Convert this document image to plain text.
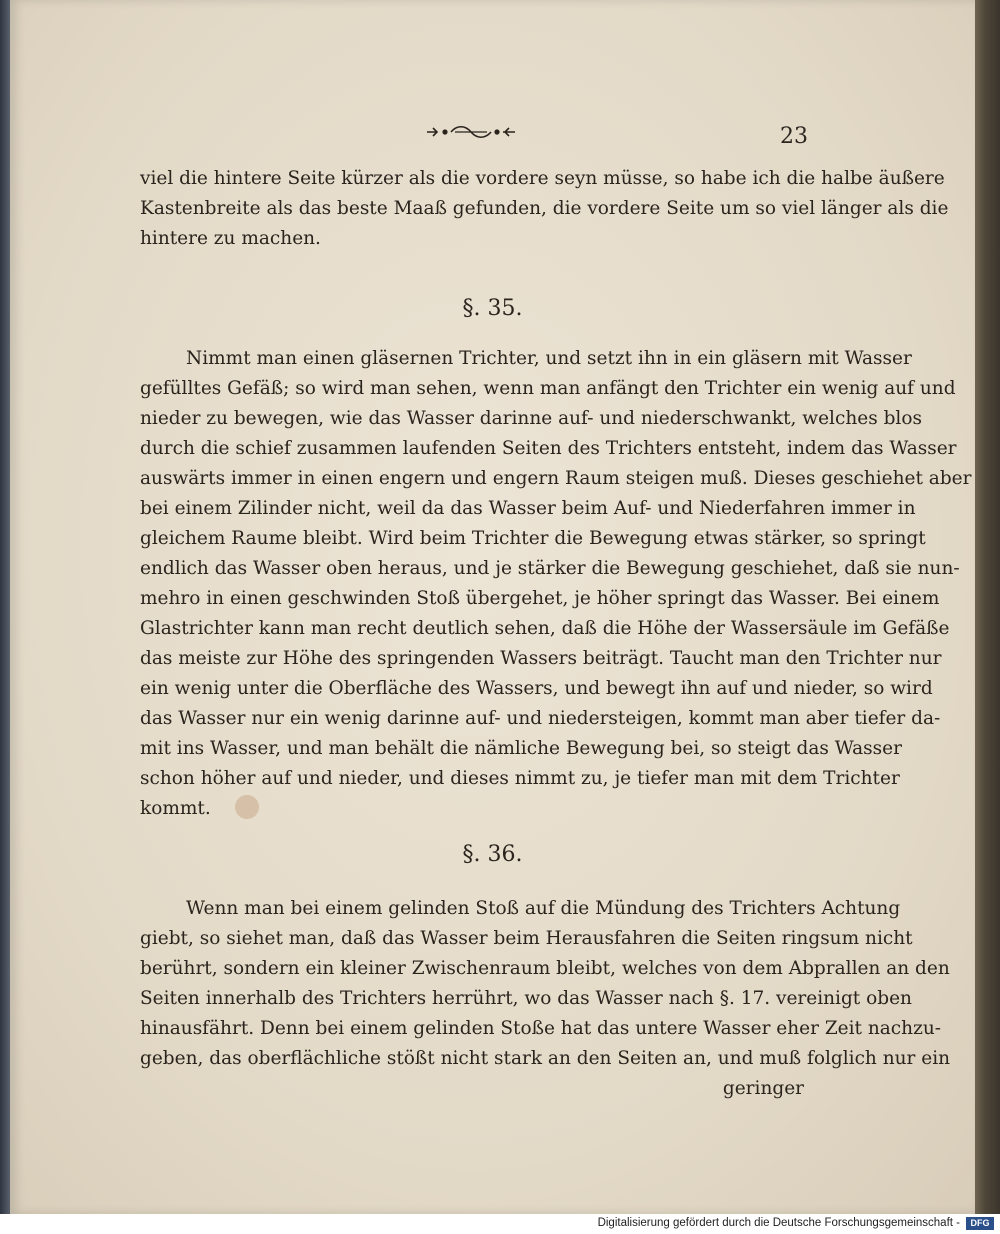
23
viel die hintere Seite kürzer als die vordere seyn müsse, so habe ich die halbe äußere
Kastenbreite als das beste Maaß gefunden, die vordere Seite um so viel länger als die
hintere zu machen.
§. 35.
Nimmt man einen gläsernen Trichter, und setzt ihn in ein gläsern mit Wasser
gefülltes Gefäß; so wird man sehen, wenn man anfängt den Trichter ein wenig auf und
nieder zu bewegen, wie das Wasser darinne auf- und niederschwankt, welches blos
durch die schief zusammen laufenden Seiten des Trichters entsteht, indem das Wasser
auswärts immer in einen engern und engern Raum steigen muß. Dieses geschiehet aber
bei einem Zilinder nicht, weil da das Wasser beim Auf- und Niederfahren immer in
gleichem Raume bleibt. Wird beim Trichter die Bewegung etwas stärker, so springt
endlich das Wasser oben heraus, und je stärker die Bewegung geschiehet, daß sie nun-
mehro in einen geschwinden Stoß übergehet, je höher springt das Wasser. Bei einem
Glastrichter kann man recht deutlich sehen, daß die Höhe der Wassersäule im Gefäße
das meiste zur Höhe des springenden Wassers beiträgt. Taucht man den Trichter nur
ein wenig unter die Oberfläche des Wassers, und bewegt ihn auf und nieder, so wird
das Wasser nur ein wenig darinne auf- und niedersteigen, kommt man aber tiefer da-
mit ins Wasser, und man behält die nämliche Bewegung bei, so steigt das Wasser
schon höher auf und nieder, und dieses nimmt zu, je tiefer man mit dem Trichter
kommt.
§. 36.
Wenn man bei einem gelinden Stoß auf die Mündung des Trichters Achtung
giebt, so siehet man, daß das Wasser beim Herausfahren die Seiten ringsum nicht
berührt, sondern ein kleiner Zwischenraum bleibt, welches von dem Abprallen an den
Seiten innerhalb des Trichters herrührt, wo das Wasser nach §. 17. vereinigt oben
hinausfährt. Denn bei einem gelinden Stoße hat das untere Wasser eher Zeit nachzu-
geben, das oberflächliche stößt nicht stark an den Seiten an, und muß folglich nur ein
geringer
Digitalisierung gefördert durch die Deutsche Forschungsgemeinschaft -	DFG
